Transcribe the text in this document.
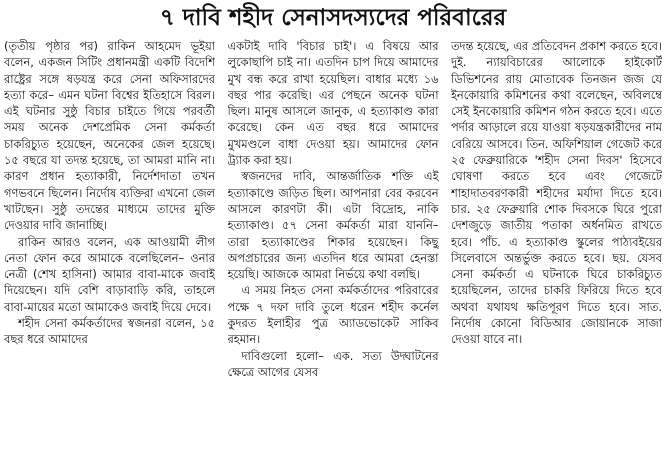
৭ দাবি শহীদ সেনাসদস্যদের পরিবারের

(তৃতীয় পৃষ্ঠার পর) রাকিন আহমেদ ভূইয়া বলেন, একজন সিটিং প্রধানমন্ত্রী একটি বিদেশি রাষ্ট্রের সঙ্গে ষড়যন্ত্র করে সেনা অফিসারদের হত্যা করে– এমন ঘটনা বিশ্বের ইতিহাসে বিরল। এই ঘটনার সুষ্ঠু বিচার চাইতে গিয়ে পরবর্তী সময় অনেক দেশপ্রেমিক সেনা কর্মকর্তা চাকরিচ্যুত হয়েছেন, অনেকের জেল হয়েছে। ১৫ বছরে যা তদন্ত হয়েছে, তা আমরা মানি না। কারণ প্রধান হত্যাকারী, নির্দেশদাতা তখন গণভবনে ছিলেন। নির্দোষ ব্যক্তিরা এখনো জেল খাটছেন। সুষ্ঠু তদন্তের মাধ্যমে তাদের মুক্তি দেওয়ার দাবি জানাচ্ছি।

রাকিন আরও বলেন, এক আওয়ামী লীগ নেতা ফোন করে আমাকে বলেছিলেন– ওনার নেত্রী (শেখ হাসিনা) আমার বাবা-মাকে জবাই দিয়েছেন। যদি বেশি বাড়াবাড়ি করি, তাহলে বাবা-মায়ের মতো আমাকেও জবাই দিয়ে দেবে।

শহীদ সেনা কর্মকর্তাদের স্বজনরা বলেন, ১৫ বছর ধরে আমাদের

একটাই দাবি 'বিচার চাই'। এ বিষয়ে আর লুকোছাপি চাই না। এতদিন চাপ দিয়ে আমাদের মুখ বন্ধ করে রাখা হয়েছিল। বাধার মধ্যে ১৬ বছর পার করেছি। এর পেছনে অনেক ঘটনা ছিল। মানুষ আসলে জানুক, এ হত্যাকাণ্ড কারা করেছে। কেন এত বছর ধরে আমাদের মুখমণ্ডলে বাধা দেওয়া হয়। আমাদের ফোন ট্র্যাক করা হয়।

স্বজনদের দাবি, আন্তর্জাতিক শক্তি এই হত্যাকাণ্ডে জড়িত ছিল। আপনারা বের করবেন আসলে কারণটা কী। এটা বিদ্রোহ, নাকি হত্যাকাণ্ড। ৫৭ সেনা কর্মকর্তা মারা যাননি– তারা হত্যাকাণ্ডের শিকার হয়েছেন। কিছু অপপ্রচারের জন্য এতদিন ধরে আমরা হেনস্তা হয়েছি। আজকে আমরা নির্ভয়ে কথা বলছি।

এ সময় নিহত সেনা কর্মকর্তাদের পরিবারের পক্ষে ৭ দফা দাবি তুলে ধরেন শহীদ কর্নেল কুদরত ইলাহীর পুত্র অ্যাডভোকেট সাকিব রহমান।

দাবিগুলো হলো– এক. সত্য উদ্ঘাটনের ক্ষেত্রে আগের যেসব

তদন্ত হয়েছে, এর প্রতিবেদন প্রকাশ করতে হবে। দুই. ন্যায়বিচারের আলোকে হাইকোর্ট ডিভিশনের রায় মোতাবেক তিনজন জজ যে ইনকোয়ারি কমিশনের কথা বলেছেন, অবিলম্বে সেই ইনকোয়ারি কমিশন গঠন করতে হবে। এতে পর্দার আড়ালে রয়ে যাওয়া ষড়যন্ত্রকারীদের নাম বেরিয়ে আসবে। তিন. অফিশিয়াল গেজেট করে ২৫ ফেব্রুয়ারিকে 'শহীদ সেনা দিবস' হিসেবে ঘোষণা করতে হবে এবং গেজেটে শাহাদাতবরণকারী শহীদের মর্যাদা দিতে হবে। চার. ২৫ ফেব্রুয়ারি শোক দিবসকে ঘিরে পুরো দেশজুড়ে জাতীয় পতাকা অর্ধনমিত রাখতে হবে। পাঁচ. এ হত্যাকাণ্ড স্কুলের পাঠ্যবইয়ের সিলেবাসে অন্তর্ভুক্ত করতে হবে। ছয়. যেসব সেনা কর্মকর্তা এ ঘটনাকে ঘিরে চাকরিচ্যুত হয়েছিলেন, তাদের চাকরি ফিরিয়ে দিতে হবে অথবা যথাযথ ক্ষতিপূরণ দিতে হবে। সাত. নির্দোষ কোনো বিডিআর জোয়ানকে সাজা দেওয়া যাবে না।
